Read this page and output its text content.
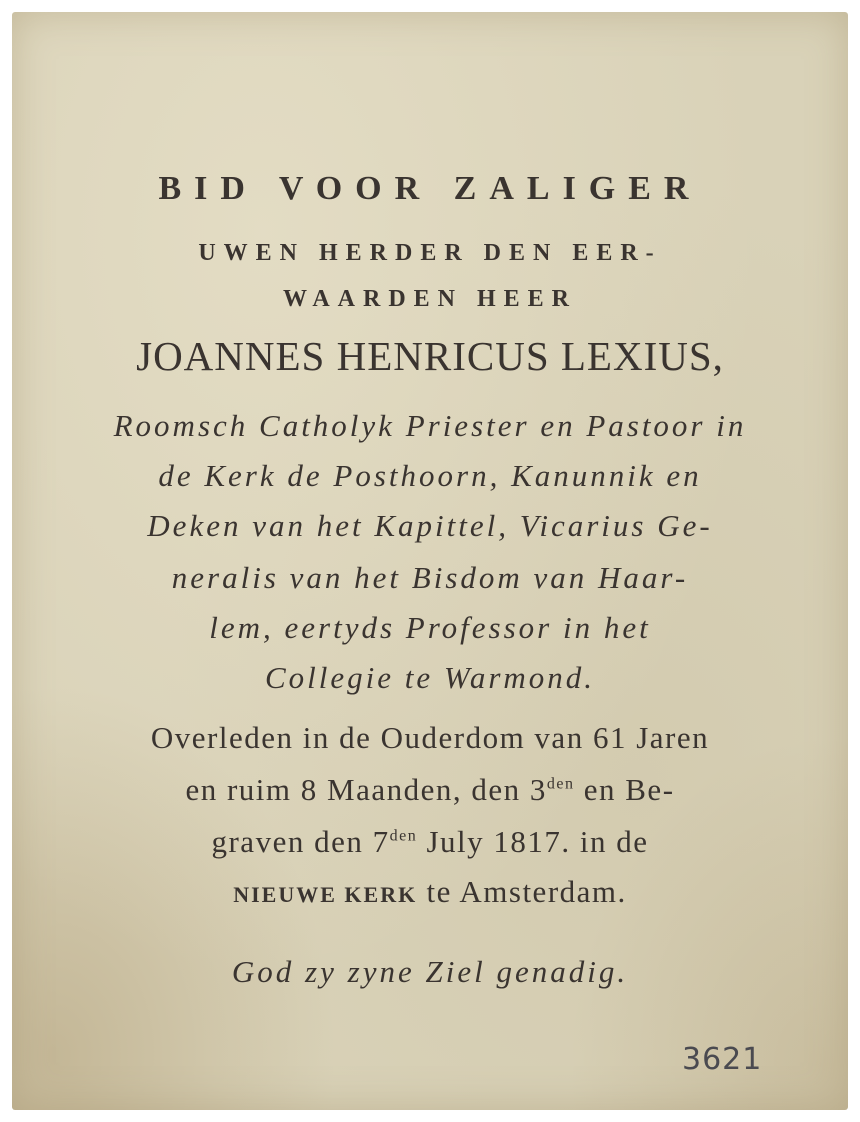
BID VOOR ZALIGER
UWEN HERDER DEN EER-
WAARDEN HEER
JOANNES HENRICUS LEXIUS,
Roomsch Catholyk Priester en Pastoor in
de Kerk de Posthoorn, Kanunnik en
Deken van het Kapittel, Vicarius Ge-
neralis van het Bisdom van Haar-
lem, eertyds Professor in het
Collegie te Warmond.
Overleden in de Ouderdom van 61 Jaren
en ruim 8 Maanden, den $3^{den}$ en Be-
graven den $7^{den}$ July 1817. in de
NIEUWE KERK te Amsterdam.
God zy zyne Ziel genadig.
3621
